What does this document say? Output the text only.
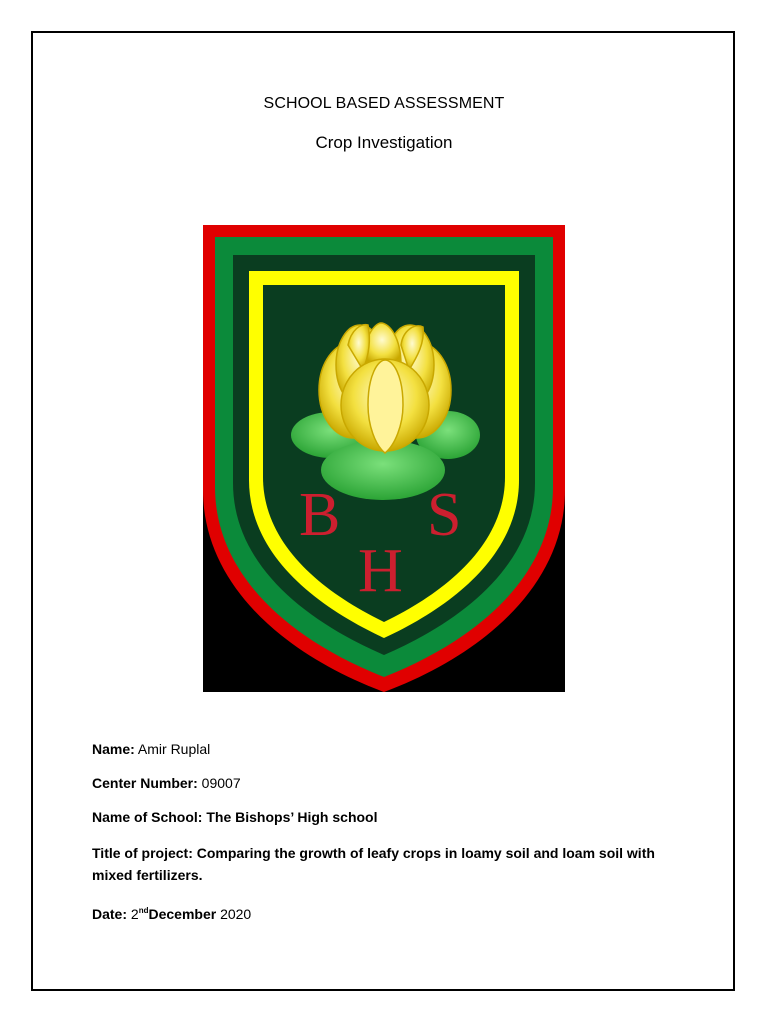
SCHOOL BASED ASSESSMENT
Crop Investigation
B S
H
Name: Amir Ruplal
Center Number: 09007
Name of School: The Bishops’ High school
Title of project: Comparing the growth of leafy crops in loamy soil and loam soil with mixed fertilizers.
Date: 2ndDecember 2020
